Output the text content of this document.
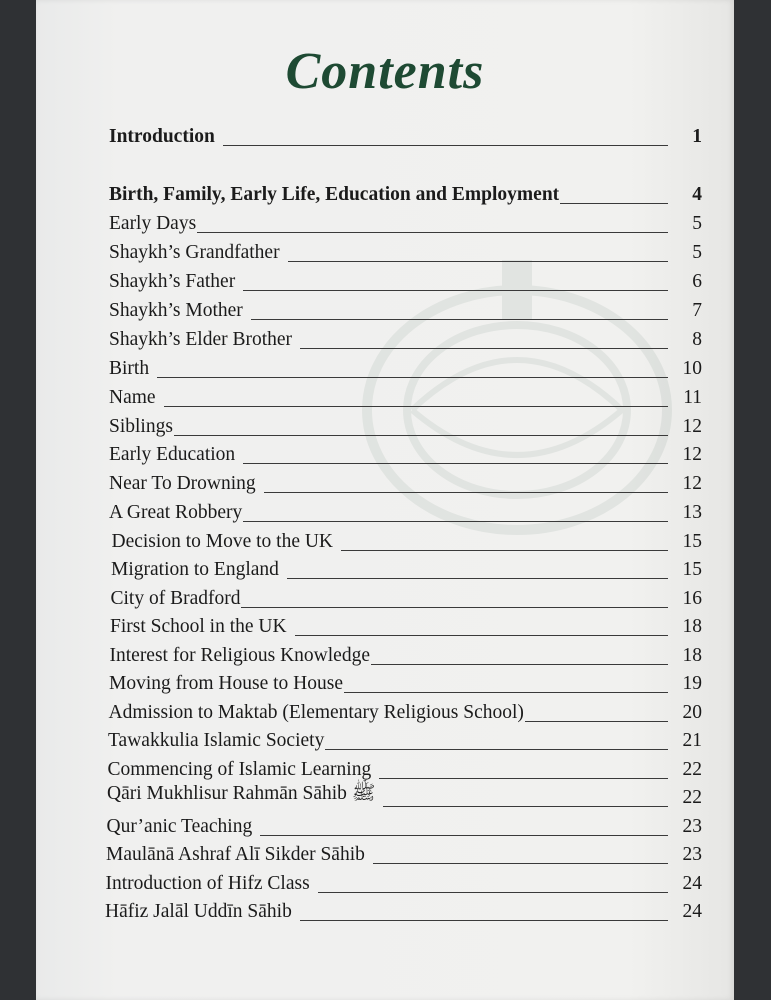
Contents
Introduction	1
Birth, Family, Early Life, Education and Employment	4
Early Days	5
Shaykh’s Grandfather	5
Shaykh’s Father	6
Shaykh’s Mother	7
Shaykh’s Elder Brother	8
Birth	10
Name	11
Siblings	12
Early Education	12
Near To Drowning	12
A Great Robbery	13
Decision to Move to the UK	15
Migration to England	15
City of Bradford	16
First School in the UK	18
Interest for Religious Knowledge	18
Moving from House to House	19
Admission to Maktab (Elementary Religious School)	20
Tawakkulia Islamic Society	21
Commencing of Islamic Learning	22
Qāri Mukhlisur Rahmān Sāhib ﷺ	22
Qur’anic Teaching	23
Maulānā Ashraf Alī Sikder Sāhib	23
Introduction of Hifz Class	24
Hāfiz Jalāl Uddīn Sāhib	24
